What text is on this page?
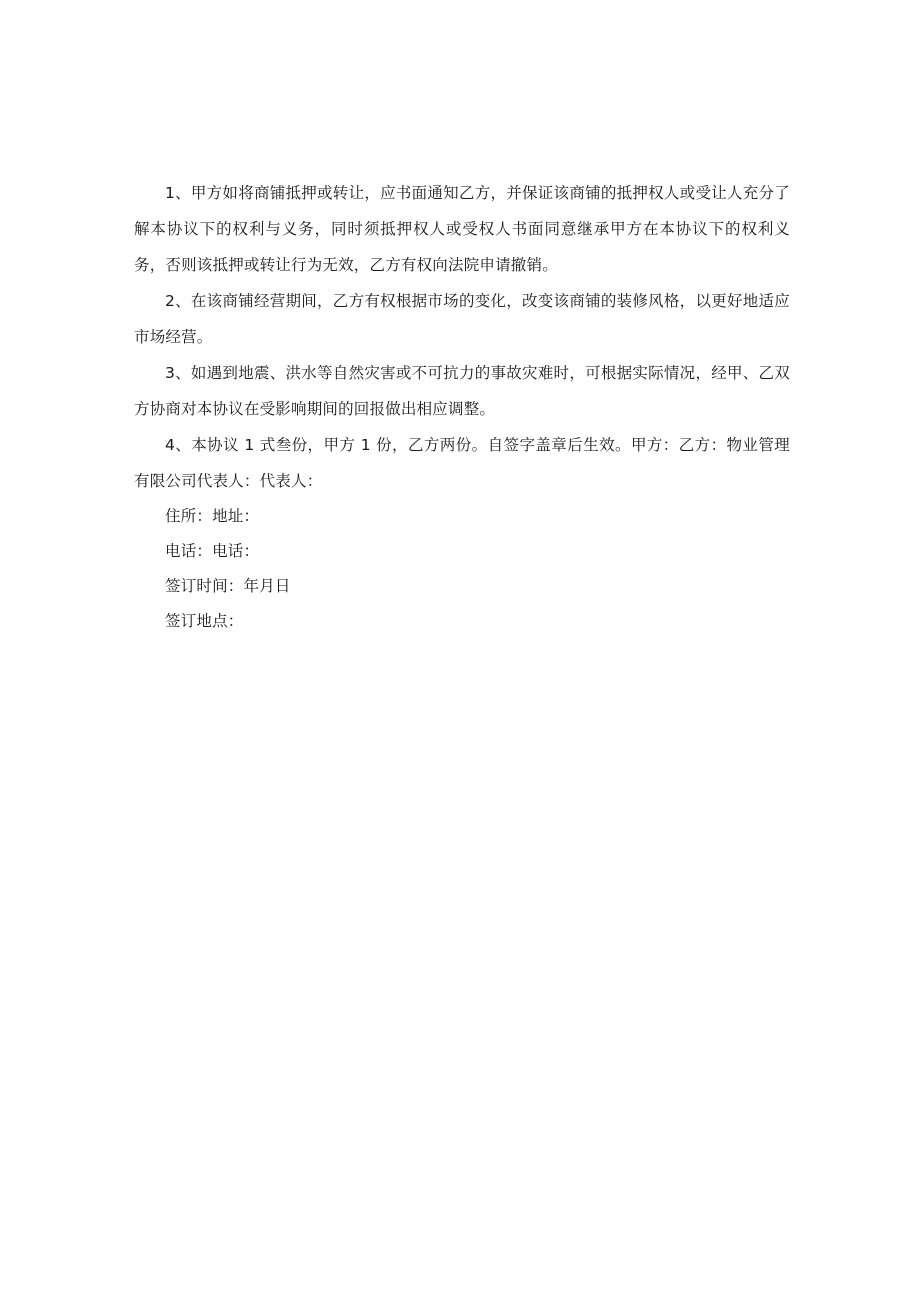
1、甲方如将商铺抵押或转让，应书面通知乙方，并保证该商铺的抵押权人或受让人充分了解本协议下的权利与义务，同时须抵押权人或受权人书面同意继承甲方在本协议下的权利义务，否则该抵押或转让行为无效，乙方有权向法院申请撤销。

2、在该商铺经营期间，乙方有权根据市场的变化，改变该商铺的装修风格，以更好地适应市场经营。

3、如遇到地震、洪水等自然灾害或不可抗力的事故灾难时，可根据实际情况，经甲、乙双方协商对本协议在受影响期间的回报做出相应调整。

4、本协议 1 式叁份，甲方 1 份，乙方两份。自签字盖章后生效。甲方：乙方：物业管理有限公司代表人：代表人：

住所：地址：

电话：电话：

签订时间：年月日

签订地点：
